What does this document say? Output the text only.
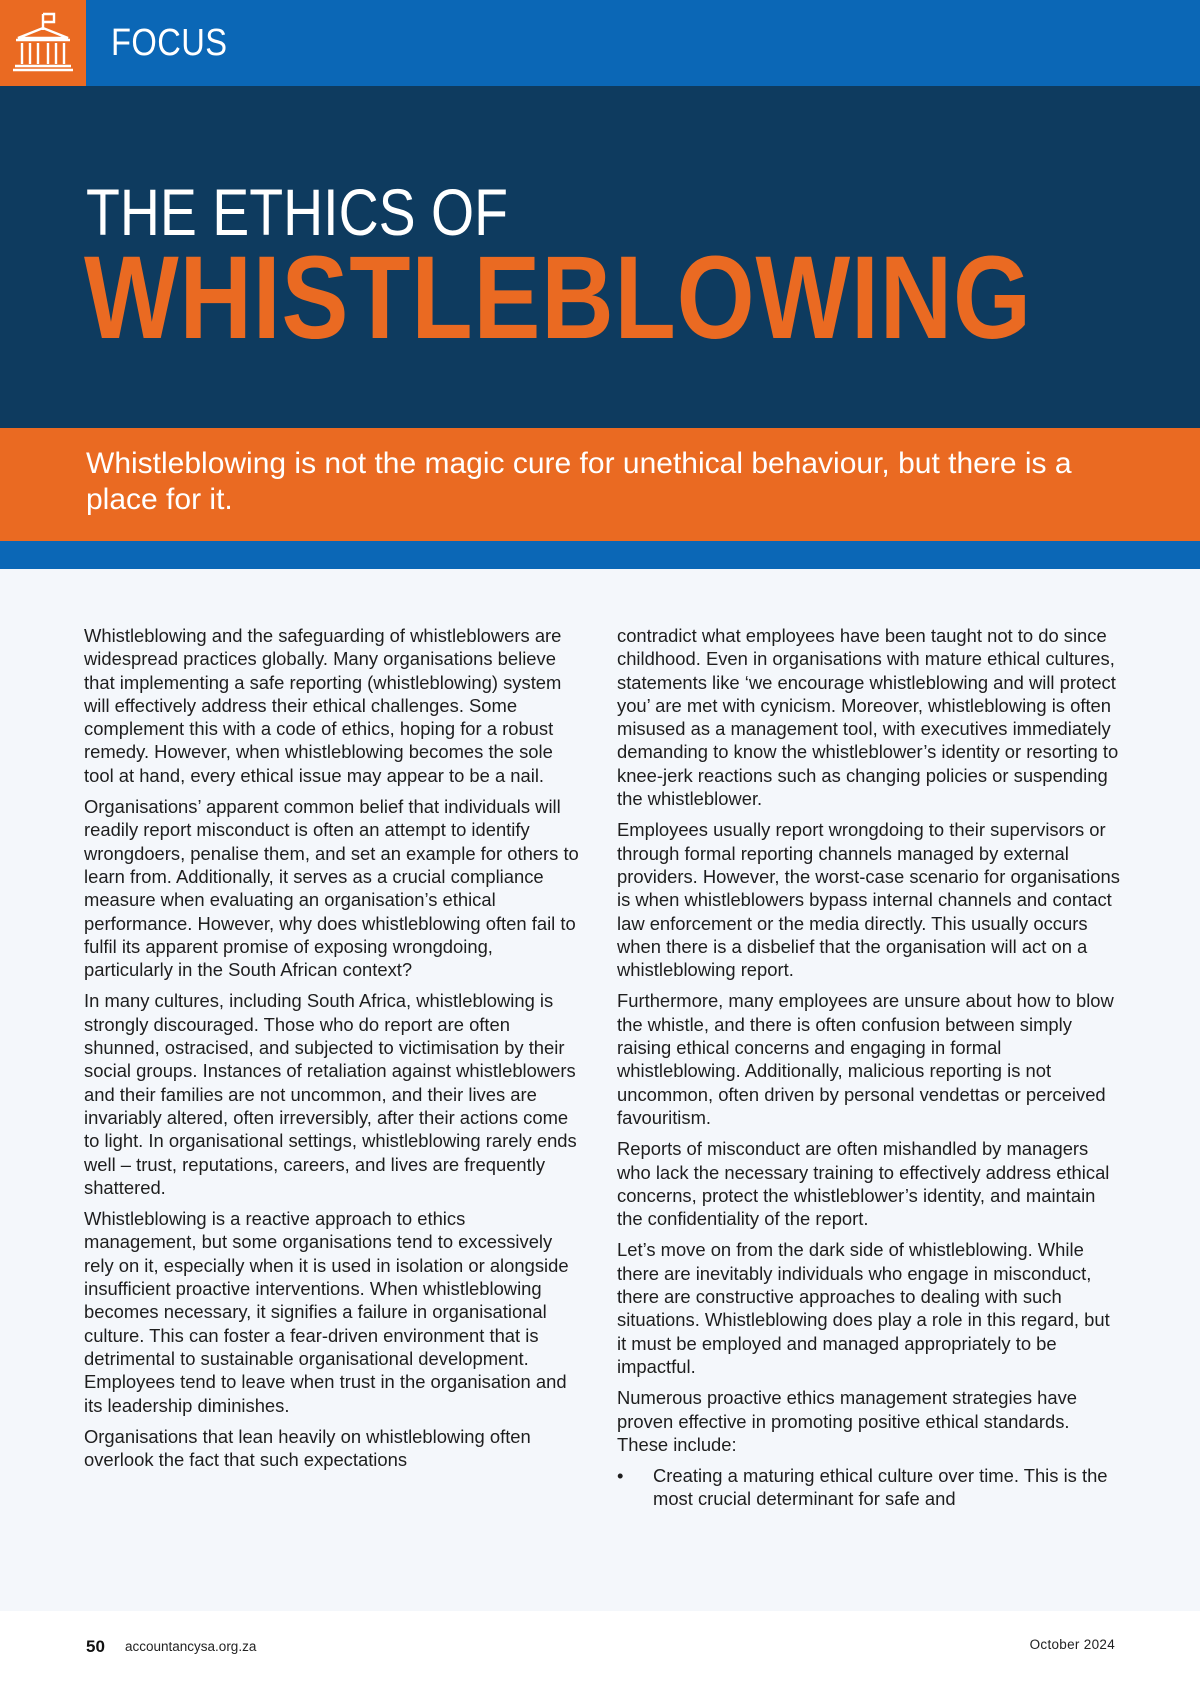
FOCUS
THE ETHICS OF
WHISTLEBLOWING

Whistleblowing is not the magic cure for unethical behaviour, but there is a place for it.

Whistleblowing and the safeguarding of whistleblowers are widespread practices globally. Many organisations believe that implementing a safe reporting (whistleblowing) system will effectively address their ethical challenges. Some complement this with a code of ethics, hoping for a robust remedy. However, when whistleblowing becomes the sole tool at hand, every ethical issue may appear to be a nail.

Organisations’ apparent common belief that individuals will readily report misconduct is often an attempt to identify wrongdoers, penalise them, and set an example for others to learn from. Additionally, it serves as a crucial compliance measure when evaluating an organisation’s ethical performance. However, why does whistleblowing often fail to fulfil its apparent promise of exposing wrongdoing, particularly in the South African context?

In many cultures, including South Africa, whistleblowing is strongly discouraged. Those who do report are often shunned, ostracised, and subjected to victimisation by their social groups. Instances of retaliation against whistleblowers and their families are not uncommon, and their lives are invariably altered, often irreversibly, after their actions come to light. In organisational settings, whistleblowing rarely ends well – trust, reputations, careers, and lives are frequently shattered.

Whistleblowing is a reactive approach to ethics management, but some organisations tend to excessively rely on it, especially when it is used in isolation or alongside insufficient proactive interventions. When whistleblowing becomes necessary, it signifies a failure in organisational culture. This can foster a fear-driven environment that is detrimental to sustainable organisational development. Employees tend to leave when trust in the organisation and its leadership diminishes.

Organisations that lean heavily on whistleblowing often overlook the fact that such expectations

contradict what employees have been taught not to do since childhood. Even in organisations with mature ethical cultures, statements like ‘we encourage whistleblowing and will protect you’ are met with cynicism. Moreover, whistleblowing is often misused as a management tool, with executives immediately demanding to know the whistleblower’s identity or resorting to knee-jerk reactions such as changing policies or suspending the whistleblower.

Employees usually report wrongdoing to their supervisors or through formal reporting channels managed by external providers. However, the worst-case scenario for organisations is when whistleblowers bypass internal channels and contact law enforcement or the media directly. This usually occurs when there is a disbelief that the organisation will act on a whistleblowing report.

Furthermore, many employees are unsure about how to blow the whistle, and there is often confusion between simply raising ethical concerns and engaging in formal whistleblowing. Additionally, malicious reporting is not uncommon, often driven by personal vendettas or perceived favouritism.

Reports of misconduct are often mishandled by managers who lack the necessary training to effectively address ethical concerns, protect the whistleblower’s identity, and maintain the confidentiality of the report.

Let’s move on from the dark side of whistleblowing. While there are inevitably individuals who engage in misconduct, there are constructive approaches to dealing with such situations. Whistleblowing does play a role in this regard, but it must be employed and managed appropriately to be impactful.

Numerous proactive ethics management strategies have proven effective in promoting positive ethical standards. These include:

•	Creating a maturing ethical culture over time. This is the most crucial determinant for safe and
50 accountancysa.org.za	October 2024
